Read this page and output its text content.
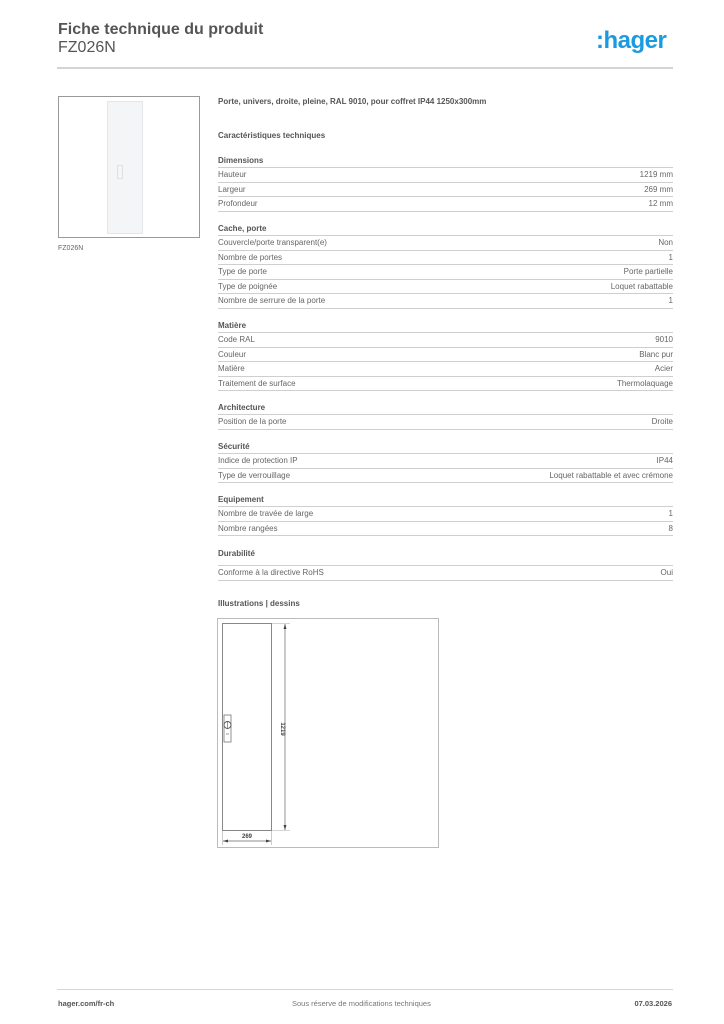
Fiche technique du produit
FZ026N	:hager
FZ026N
Porte, univers, droite, pleine, RAL 9010, pour coffret IP44 1250x300mm
Caractéristiques techniques
Dimensions
Hauteur	1219 mm
Largeur	269 mm
Profondeur	12 mm
Cache, porte
Couvercle/porte transparent(e)	Non
Nombre de portes	1
Type de porte	Porte partielle
Type de poignée	Loquet rabattable
Nombre de serrure de la porte	1
Matière
Code RAL	9010
Couleur	Blanc pur
Matière	Acier
Traitement de surface	Thermolaquage
Architecture
Position de la porte	Droite
Sécurité
Indice de protection IP	IP44
Type de verrouillage	Loquet rabattable et avec crémone
Equipement
Nombre de travée de large	1
Nombre rangées	8
Durabilité
Conforme à la directive RoHS	Oui
Illustrations | dessins
1219
269
hager.com/fr-ch	Sous réserve de modifications techniques	07.03.2026
